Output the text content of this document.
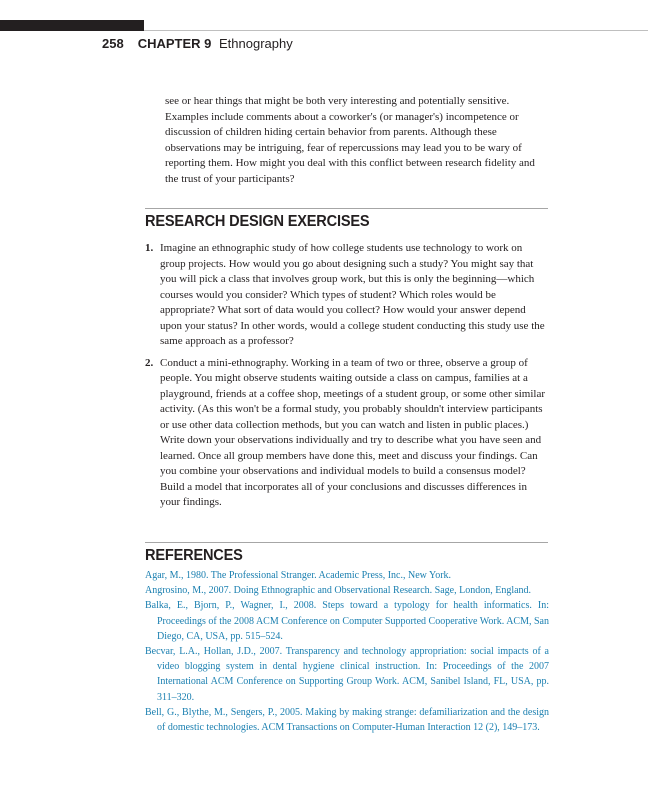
258 CHAPTER 9 Ethnography

see or hear things that might be both very interesting and potentially sensitive. Examples include comments about a coworker's (or manager's) incompetence or discussion of children hiding certain behavior from parents. Although these observations may be intriguing, fear of repercussions may lead you to be wary of reporting them. How might you deal with this conflict between research fidelity and the trust of your participants?

RESEARCH DESIGN EXERCISES
1. Imagine an ethnographic study of how college students use technology to work on group projects. How would you go about designing such a study? You might say that you will pick a class that involves group work, but this is only the beginning—which courses would you consider? Which types of student? Which roles would be appropriate? What sort of data would you collect? How would your answer depend upon your status? In other words, would a college student conducting this study use the same approach as a professor?
2. Conduct a mini-ethnography. Working in a team of two or three, observe a group of people. You might observe students waiting outside a class on campus, families at a playground, friends at a coffee shop, meetings of a student group, or some other similar activity. (As this won't be a formal study, you probably shouldn't interview participants or use other data collection methods, but you can watch and listen in public places.) Write down your observations individually and try to describe what you have seen and learned. Once all group members have done this, meet and discuss your findings. Can you combine your observations and individual models to build a consensus model? Build a model that incorporates all of your conclusions and discusses differences in your findings.
REFERENCES
Agar, M., 1980. The Professional Stranger. Academic Press, Inc., New York.
Angrosino, M., 2007. Doing Ethnographic and Observational Research. Sage, London, England.
Balka, E., Bjorn, P., Wagner, I., 2008. Steps toward a typology for health informatics. In: Proceedings of the 2008 ACM Conference on Computer Supported Cooperative Work. ACM, San Diego, CA, USA, pp. 515–524.
Becvar, L.A., Hollan, J.D., 2007. Transparency and technology appropriation: social impacts of a video blogging system in dental hygiene clinical instruction. In: Proceedings of the 2007 International ACM Conference on Supporting Group Work. ACM, Sanibel Island, FL, USA, pp. 311–320.
Bell, G., Blythe, M., Sengers, P., 2005. Making by making strange: defamiliarization and the design of domestic technologies. ACM Transactions on Computer-Human Interaction 12 (2), 149–173.
